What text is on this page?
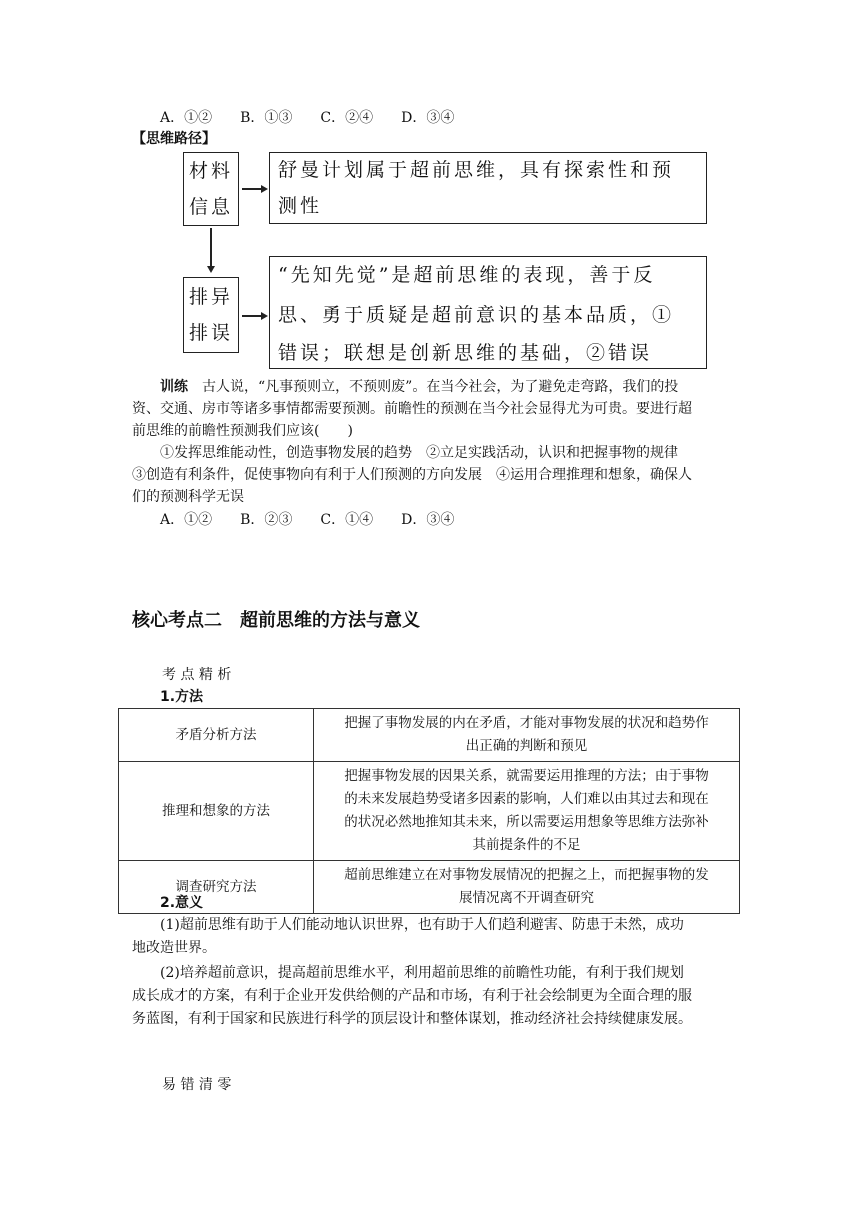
A．①②　　B．①③　　C．②④　　D．③④
【思维路径】
材料
信息
舒曼计划属于超前思维，具有探索性和预
测性
排异
排误
“先知先觉”是超前思维的表现，善于反
思、勇于质疑是超前意识的基本品质，①
错误；联想是创新思维的基础，②错误
训练　古人说，“凡事预则立，不预则废”。在当今社会，为了避免走弯路，我们的投
资、交通、房市等诸多事情都需要预测。前瞻性的预测在当今社会显得尤为可贵。要进行超
前思维的前瞻性预测我们应该(　　)
①发挥思维能动性，创造事物发展的趋势　②立足实践活动，认识和把握事物的规律
③创造有利条件，促使事物向有利于人们预测的方向发展　④运用合理推理和想象，确保人
们的预测科学无误
A．①②　　B．②③　　C．①④　　D．③④
核心考点二　超前思维的方法与意义
考 点 精 析
1.方法
矛盾分析方法	把握了事物发展的内在矛盾，才能对事物发展的状况和趋势作
出正确的判断和预见

推理和想象的方法	把握事物发展的因果关系，就需要运用推理的方法；由于事物
的未来发展趋势受诸多因素的影响，人们难以由其过去和现在
的状况必然地推知其未来，所以需要运用想象等思维方法弥补
其前提条件的不足

调查研究方法	超前思维建立在对事物发展情况的把握之上，而把握事物的发
展情况离不开调查研究
2.意义
(1)超前思维有助于人们能动地认识世界，也有助于人们趋利避害、防患于未然，成功
地改造世界。
(2)培养超前意识，提高超前思维水平，利用超前思维的前瞻性功能，有利于我们规划
成长成才的方案，有利于企业开发供给侧的产品和市场，有利于社会绘制更为全面合理的服
务蓝图，有利于国家和民族进行科学的顶层设计和整体谋划，推动经济社会持续健康发展。
易 错 清 零
